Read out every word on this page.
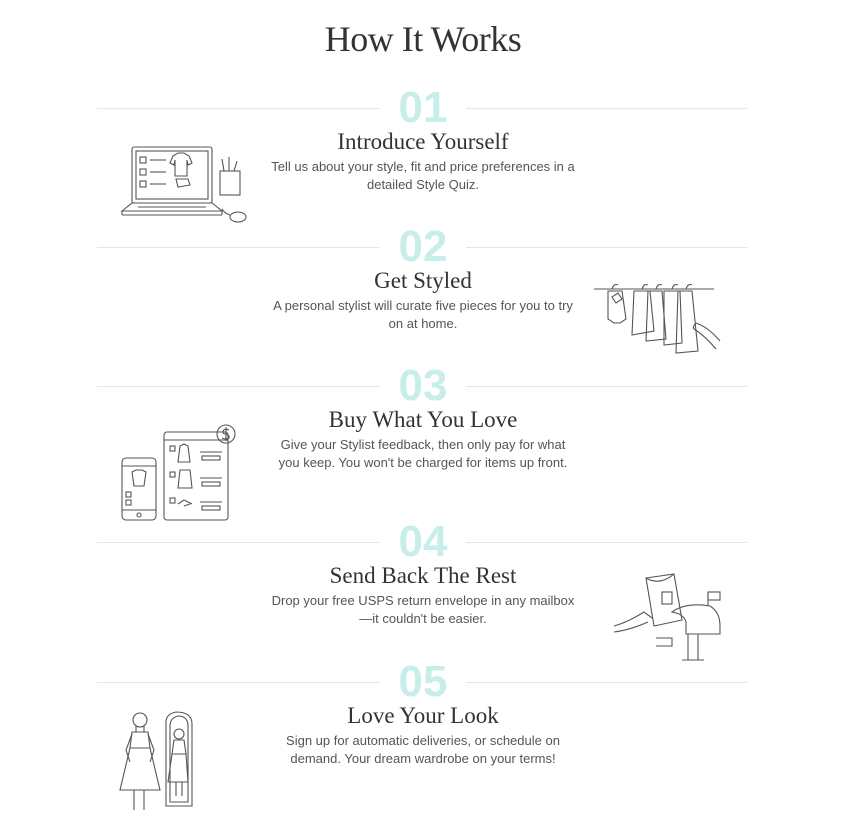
How It Works
01
Introduce Yourself
Tell us about your style, fit and price preferences in a detailed Style Quiz.
02
Get Styled
A personal stylist will curate five pieces for you to try on at home.
03
Buy What You Love
Give your Stylist feedback, then only pay for what you keep. You won't be charged for items up front.
04
Send Back The Rest
Drop your free USPS return envelope in any mailbox—it couldn't be easier.
05
Love Your Look
Sign up for automatic deliveries, or schedule on demand. Your dream wardrobe on your terms!
